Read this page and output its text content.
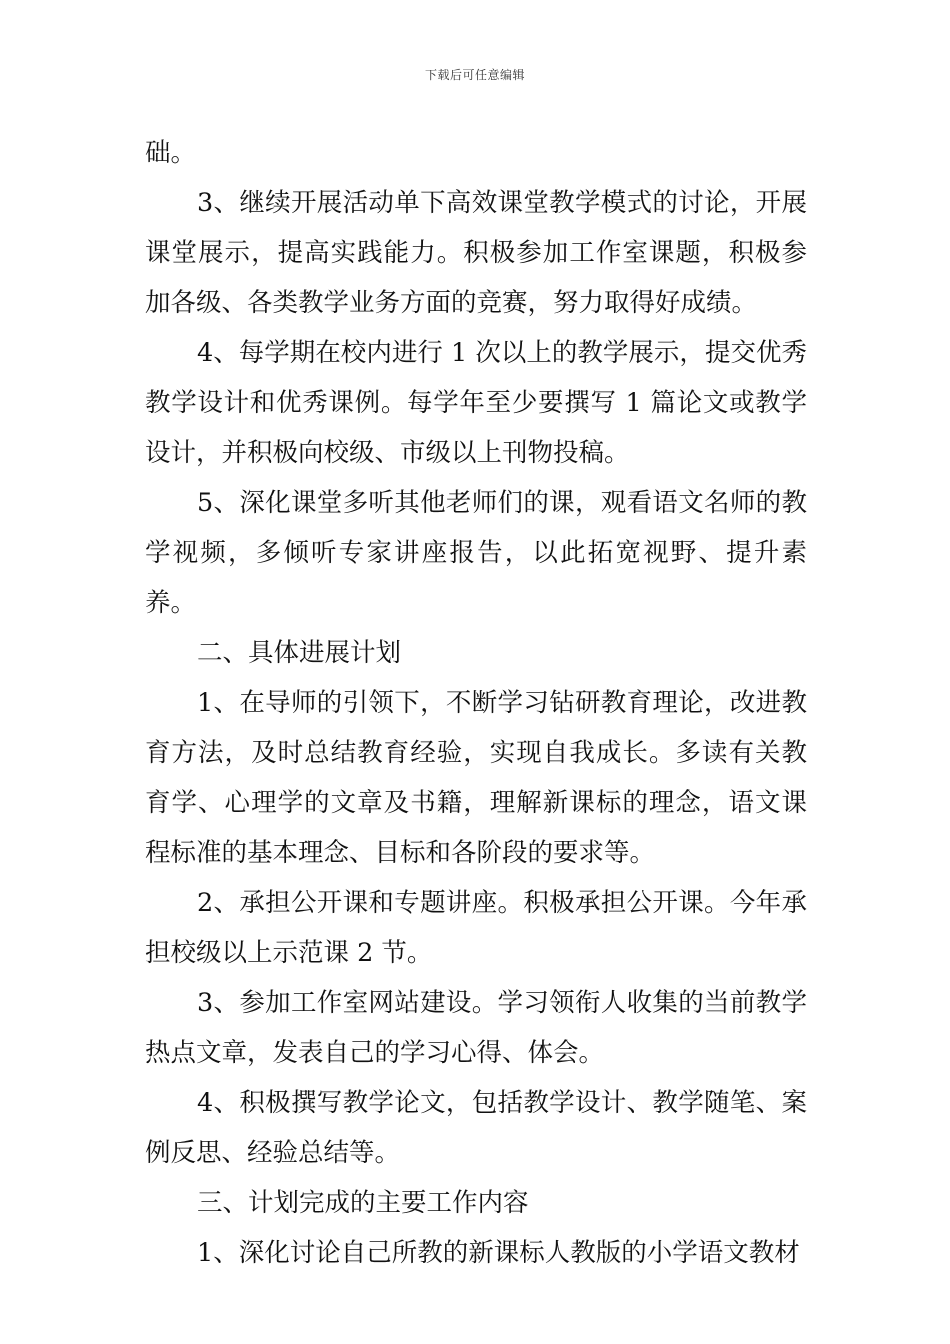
下载后可任意编辑

础。

3、继续开展活动单下高效课堂教学模式的讨论，开展课堂展示，提高实践能力。积极参加工作室课题，积极参加各级、各类教学业务方面的竞赛，努力取得好成绩。

4、每学期在校内进行 1 次以上的教学展示，提交优秀教学设计和优秀课例。每学年至少要撰写 1 篇论文或教学设计，并积极向校级、市级以上刊物投稿。

5、深化课堂多听其他老师们的课，观看语文名师的教学视频，多倾听专家讲座报告，以此拓宽视野、提升素养。

二、具体进展计划

1、在导师的引领下，不断学习钻研教育理论，改进教育方法，及时总结教育经验，实现自我成长。多读有关教育学、心理学的文章及书籍，理解新课标的理念，语文课程标准的基本理念、目标和各阶段的要求等。

2、承担公开课和专题讲座。积极承担公开课。今年承担校级以上示范课 2 节。

3、参加工作室网站建设。学习领衔人收集的当前教学热点文章，发表自己的学习心得、体会。

4、积极撰写教学论文，包括教学设计、教学随笔、案例反思、经验总结等。

三、计划完成的主要工作内容

1、深化讨论自己所教的新课标人教版的小学语文教材
